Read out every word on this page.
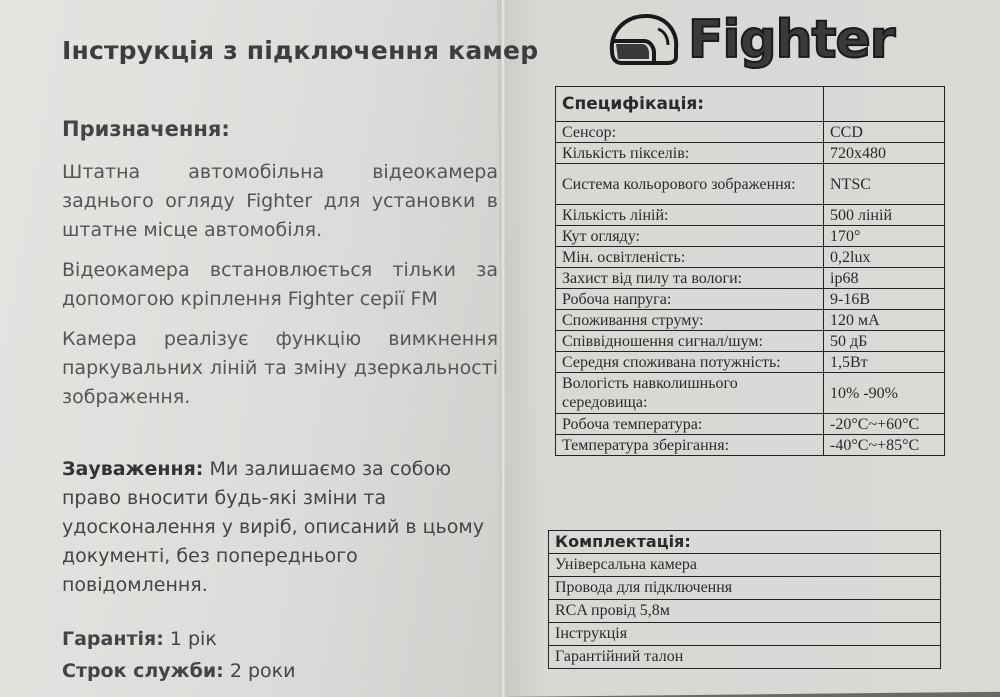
Інструкція з підключення камер
Призначення:
Штатна автомобільна відеокамера заднього огляду Fighter для установки в штатне місце автомобіля.
Відеокамера встановлюється тільки за допомогою кріплення Fighter серії FM
Камера реалізує функцію вимкнення паркувальних ліній та зміну дзеркальності зображення.
Зауваження: Ми залишаємо за собою право вносити будь-які зміни та удосконалення у виріб, описаний в цьому документі, без попереднього повідомлення.
Гарантія: 1 рік
Строк служби: 2 роки
Fighter
Специфікація:	
Сенсор:	CCD
Кількість пікселів:	720x480
Система кольорового зображення:	NTSC
Кількість ліній:	500 ліній
Кут огляду:	170°
Мін. освітленість:	0,2lux
Захист від пилу та вологи:	ip68
Робоча напруга:	9-16В
Споживання струму:	120 мА
Співвідношення сигнал/шум:	50 дБ
Середня споживана потужність:	1,5Вт
Вологість навколишнього середовища:	10% -90%
Робоча температура:	-20°C~+60°C
Температура зберігання:	-40°C~+85°C
Комплектація:
Універсальна камера
Провода для підключення
RCA провід 5,8м
Інструкція
Гарантійний талон
